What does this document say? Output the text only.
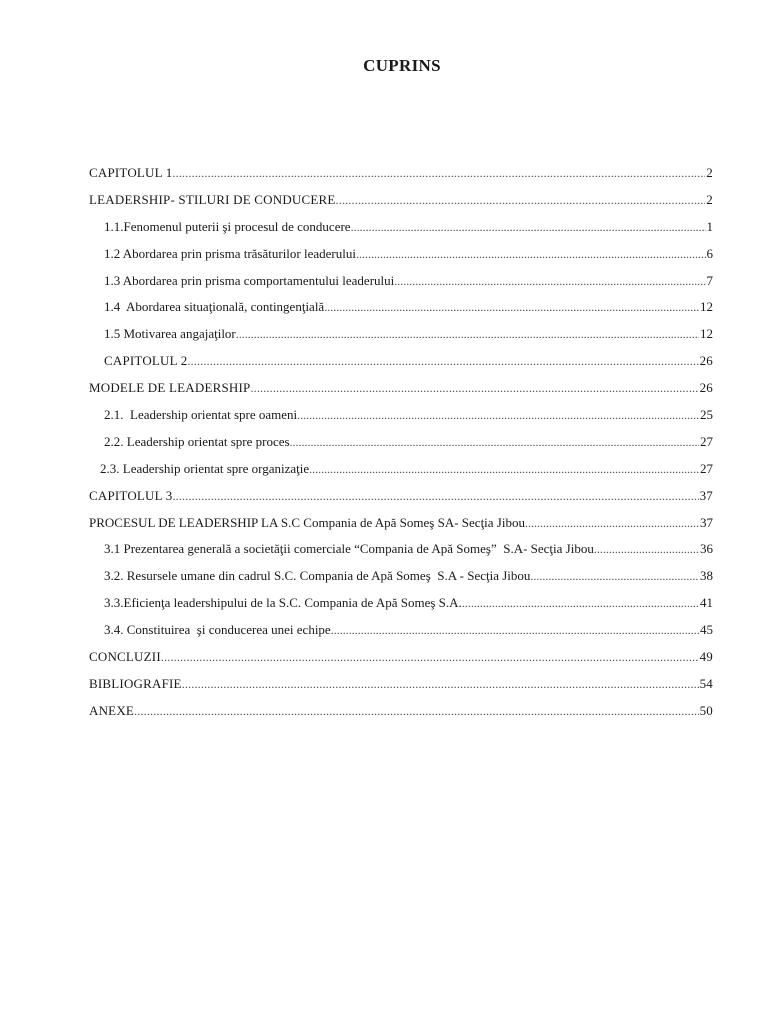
CUPRINS
CAPITOLUL 1 .....	2
LEADERSHIP- STILURI DE CONDUCERE .....	2
1.1.Fenomenul puterii şi procesul de conducere .....	1
1.2 Abordarea prin prisma trăsăturilor leaderului .....	6
1.3 Abordarea prin prisma comportamentului leaderului .....	7
1.4  Abordarea situaţională, contingenţială .....	12
1.5 Motivarea angajaţilor .....	12
CAPITOLUL 2 .....	26
MODELE DE LEADERSHIP .....	26
2.1.  Leadership orientat spre oameni .....	25
2.2. Leadership orientat spre proces .....	27
2.3. Leadership orientat spre organizaţie .....	27
CAPITOLUL 3 .....	37
PROCESUL DE LEADERSHIP LA S.C Compania de Apă Someş SA- Secţia Jibou .....	37
3.1 Prezentarea generală a societăţii comerciale “Compania de Apă Someş”  S.A- Secţia Jibou .....	36
3.2. Resursele umane din cadrul S.C. Compania de Apă Someş  S.A - Secţia Jibou .....	38
3.3.Eficienţa leadershipului de la S.C. Compania de Apă Someş S.A. .....	41
3.4. Constituirea  şi conducerea unei echipe .....	45
CONCLUZII .....	49
BIBLIOGRAFIE .....	54
ANEXE .....	50
